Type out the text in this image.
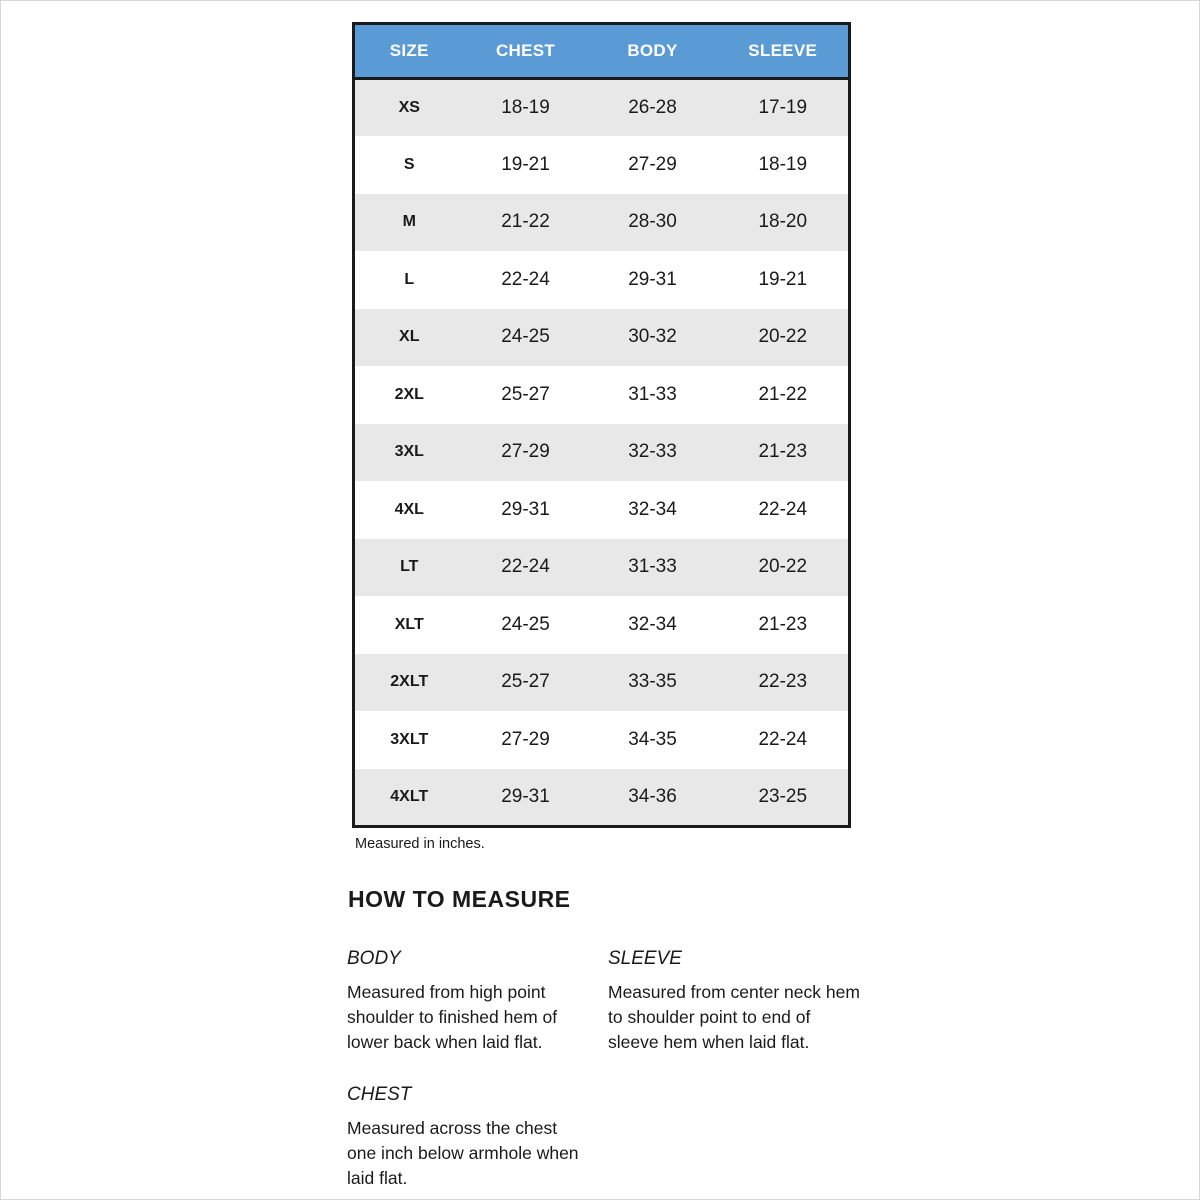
SIZE	CHEST	BODY	SLEEVE
XS	18-19	26-28	17-19
S	19-21	27-29	18-19
M	21-22	28-30	18-20
L	22-24	29-31	19-21
XL	24-25	30-32	20-22
2XL	25-27	31-33	21-22
3XL	27-29	32-33	21-23
4XL	29-31	32-34	22-24
LT	22-24	31-33	20-22
XLT	24-25	32-34	21-23
2XLT	25-27	33-35	22-23
3XLT	27-29	34-35	22-24
4XLT	29-31	34-36	23-25
Measured in inches.
HOW TO MEASURE
BODY
Measured from high point shoulder to finished hem of lower back when laid flat.
SLEEVE
Measured from center neck hem to shoulder point to end of sleeve hem when laid flat.
CHEST
Measured across the chest one inch below armhole when laid flat.
